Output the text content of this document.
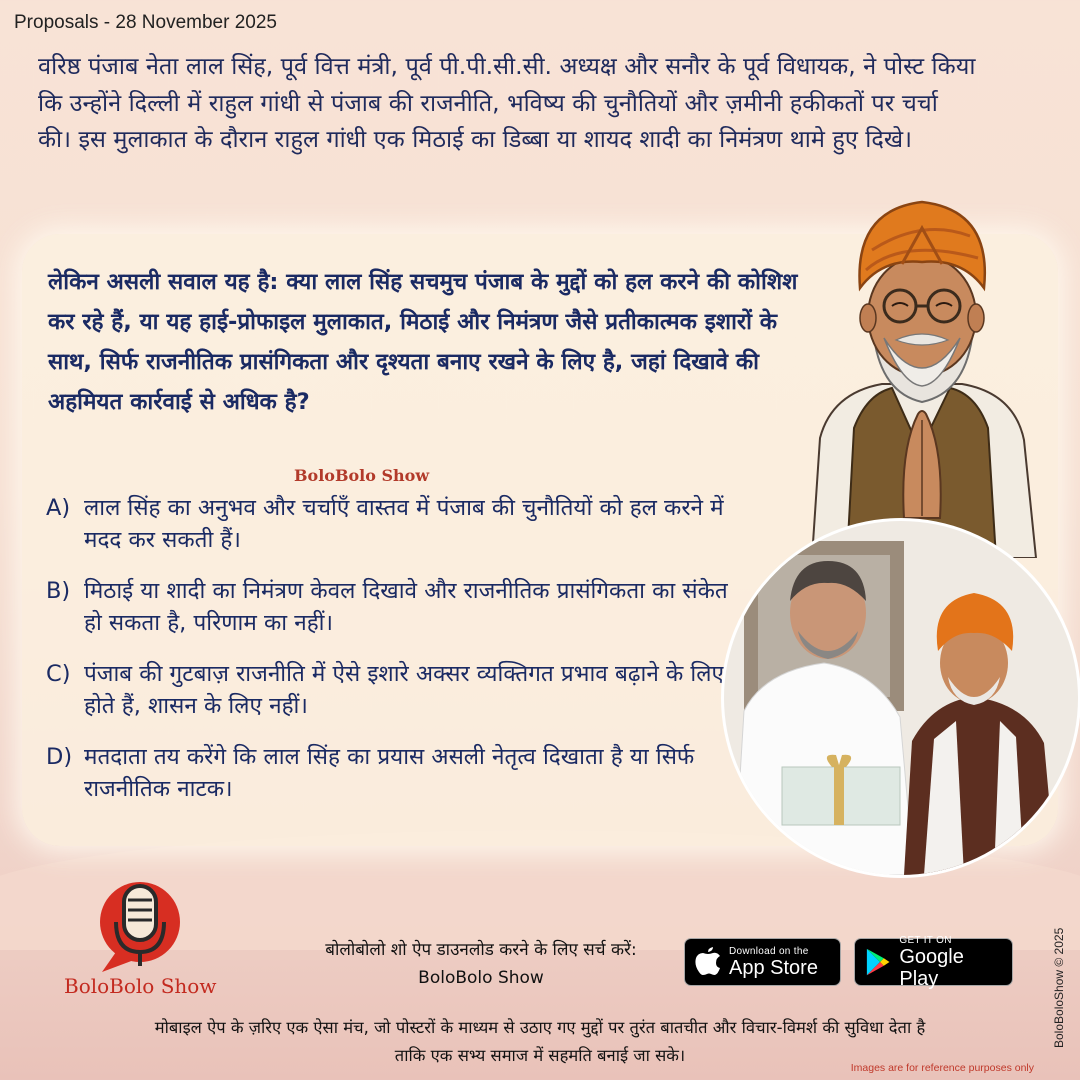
Proposals - 28 November 2025
वरिष्ठ पंजाब नेता लाल सिंह, पूर्व वित्त मंत्री, पूर्व पी.पी.सी.सी. अध्यक्ष और सनौर के पूर्व विधायक, ने पोस्ट किया कि उन्होंने दिल्ली में राहुल गांधी से पंजाब की राजनीति, भविष्य की चुनौतियों और ज़मीनी हकीकतों पर चर्चा की। इस मुलाकात के दौरान राहुल गांधी एक मिठाई का डिब्बा या शायद शादी का निमंत्रण थामे हुए दिखे।
लेकिन असली सवाल यह है: क्या लाल सिंह सचमुच पंजाब के मुद्दों को हल करने की कोशिश कर रहे हैं, या यह हाई-प्रोफाइल मुलाकात, मिठाई और निमंत्रण जैसे प्रतीकात्मक इशारों के साथ, सिर्फ राजनीतिक प्रासंगिकता और दृश्यता बनाए रखने के लिए है, जहां दिखावे की अहमियत कार्रवाई से अधिक है?
BoloBolo Show
A) लाल सिंह का अनुभव और चर्चाएँ वास्तव में पंजाब की चुनौतियों को हल करने में मदद कर सकती हैं।
B) मिठाई या शादी का निमंत्रण केवल दिखावे और राजनीतिक प्रासंगिकता का संकेत हो सकता है, परिणाम का नहीं।
C) पंजाब की गुटबाज़ राजनीति में ऐसे इशारे अक्सर व्यक्तिगत प्रभाव बढ़ाने के लिए होते हैं, शासन के लिए नहीं।
D) मतदाता तय करेंगे कि लाल सिंह का प्रयास असली नेतृत्व दिखाता है या सिर्फ राजनीतिक नाटक।
BoloBolo Show
बोलोबोलो शो ऐप डाउनलोड करने के लिए सर्च करें:
BoloBolo Show
Download on the
App Store
GET IT ON
Google Play
मोबाइल ऐप के ज़रिए एक ऐसा मंच, जो पोस्टरों के माध्यम से उठाए गए मुद्दों पर तुरंत बातचीत और विचार-विमर्श की सुविधा देता है
ताकि एक सभ्य समाज में सहमति बनाई जा सके।
BoloBoloShow © 2025
Images are for reference purposes only
